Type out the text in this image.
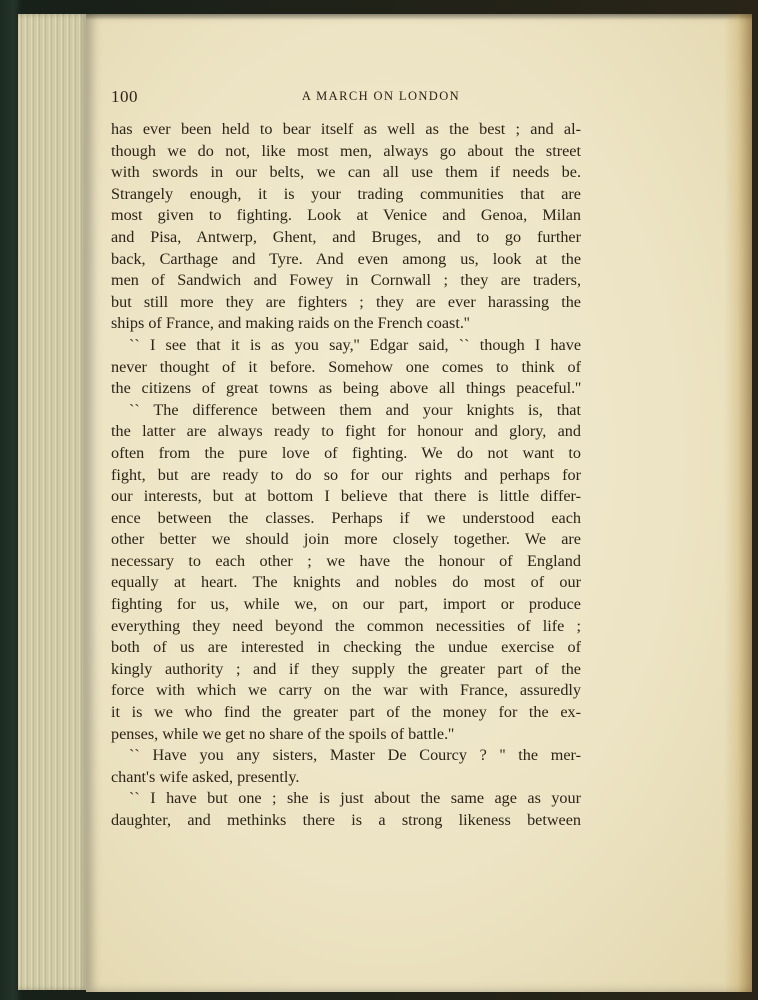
100	A MARCH ON LONDON
has ever been held to bear itself as well as the best ; and al-
though we do not, like most men, always go about the street
with swords in our belts, we can all use them if needs be.
Strangely enough, it is your trading communities that are
most given to fighting. Look at Venice and Genoa, Milan
and Pisa, Antwerp, Ghent, and Bruges, and to go further
back, Carthage and Tyre. And even among us, look at the
men of Sandwich and Fowey in Cornwall ; they are traders,
but still more they are fighters ; they are ever harassing the
ships of France, and making raids on the French coast.''
`` I see that it is as you say,'' Edgar said, `` though I have
never thought of it before. Somehow one comes to think of
the citizens of great towns as being above all things peaceful.''
`` The difference between them and your knights is, that
the latter are always ready to fight for honour and glory, and
often from the pure love of fighting. We do not want to
fight, but are ready to do so for our rights and perhaps for
our interests, but at bottom I believe that there is little differ-
ence between the classes. Perhaps if we understood each
other better we should join more closely together. We are
necessary to each other ; we have the honour of England
equally at heart. The knights and nobles do most of our
fighting for us, while we, on our part, import or produce
everything they need beyond the common necessities of life ;
both of us are interested in checking the undue exercise of
kingly authority ; and if they supply the greater part of the
force with which we carry on the war with France, assuredly
it is we who find the greater part of the money for the ex-
penses, while we get no share of the spoils of battle.''
`` Have you any sisters, Master De Courcy ? '' the mer-
chant's wife asked, presently.
`` I have but one ; she is just about the same age as your
daughter, and methinks there is a strong likeness between
